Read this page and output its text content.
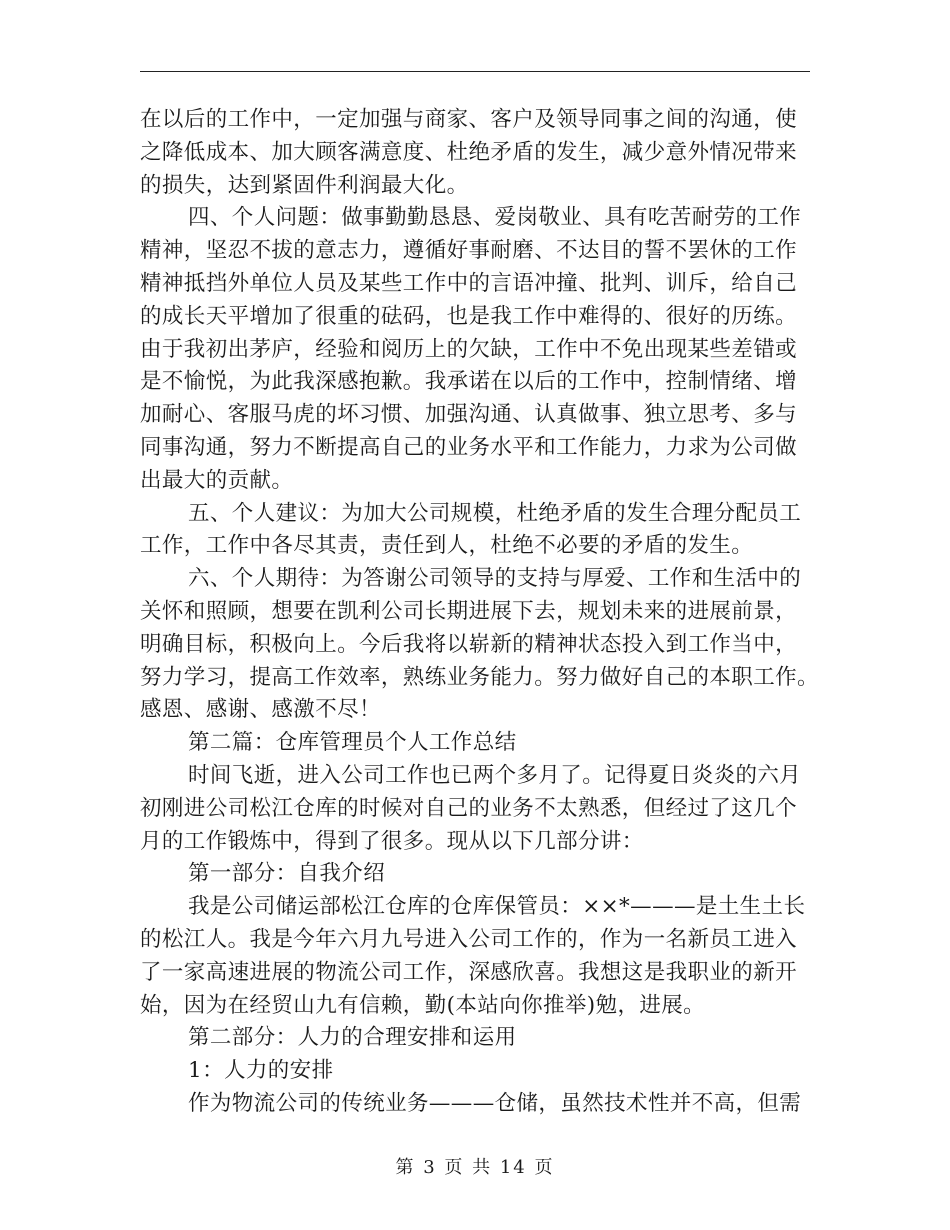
在以后的工作中，一定加强与商家、客户及领导同事之间的沟通，使
之降低成本、加大顾客满意度、杜绝矛盾的发生，减少意外情况带来
的损失，达到紧固件利润最大化。
四、个人问题：做事勤勤恳恳、爱岗敬业、具有吃苦耐劳的工作
精神，坚忍不拔的意志力，遵循好事耐磨、不达目的誓不罢休的工作
精神抵挡外单位人员及某些工作中的言语冲撞、批判、训斥，给自己
的成长天平增加了很重的砝码，也是我工作中难得的、很好的历练。
由于我初出茅庐，经验和阅历上的欠缺，工作中不免出现某些差错或
是不愉悦，为此我深感抱歉。我承诺在以后的工作中，控制情绪、增
加耐心、客服马虎的坏习惯、加强沟通、认真做事、独立思考、多与
同事沟通，努力不断提高自己的业务水平和工作能力，力求为公司做
出最大的贡献。
五、个人建议：为加大公司规模，杜绝矛盾的发生合理分配员工
工作，工作中各尽其责，责任到人，杜绝不必要的矛盾的发生。
六、个人期待：为答谢公司领导的支持与厚爱、工作和生活中的
关怀和照顾，想要在凯利公司长期进展下去，规划未来的进展前景，
明确目标，积极向上。今后我将以崭新的精神状态投入到工作当中，
努力学习，提高工作效率，熟练业务能力。努力做好自己的本职工作。
感恩、感谢、感激不尽！
第二篇：仓库管理员个人工作总结
时间飞逝，进入公司工作也已两个多月了。记得夏日炎炎的六月
初刚进公司松江仓库的时候对自己的业务不太熟悉，但经过了这几个
月的工作锻炼中，得到了很多。现从以下几部分讲：
第一部分：自我介绍
我是公司储运部松江仓库的仓库保管员：××*———是土生土长
的松江人。我是今年六月九号进入公司工作的，作为一名新员工进入
了一家高速进展的物流公司工作，深感欣喜。我想这是我职业的新开
始，因为在经贸山九有信赖，勤(本站向你推举)勉，进展。
第二部分：人力的合理安排和运用
1：人力的安排
作为物流公司的传统业务———仓储，虽然技术性并不高，但需
第 3 页 共 14 页
